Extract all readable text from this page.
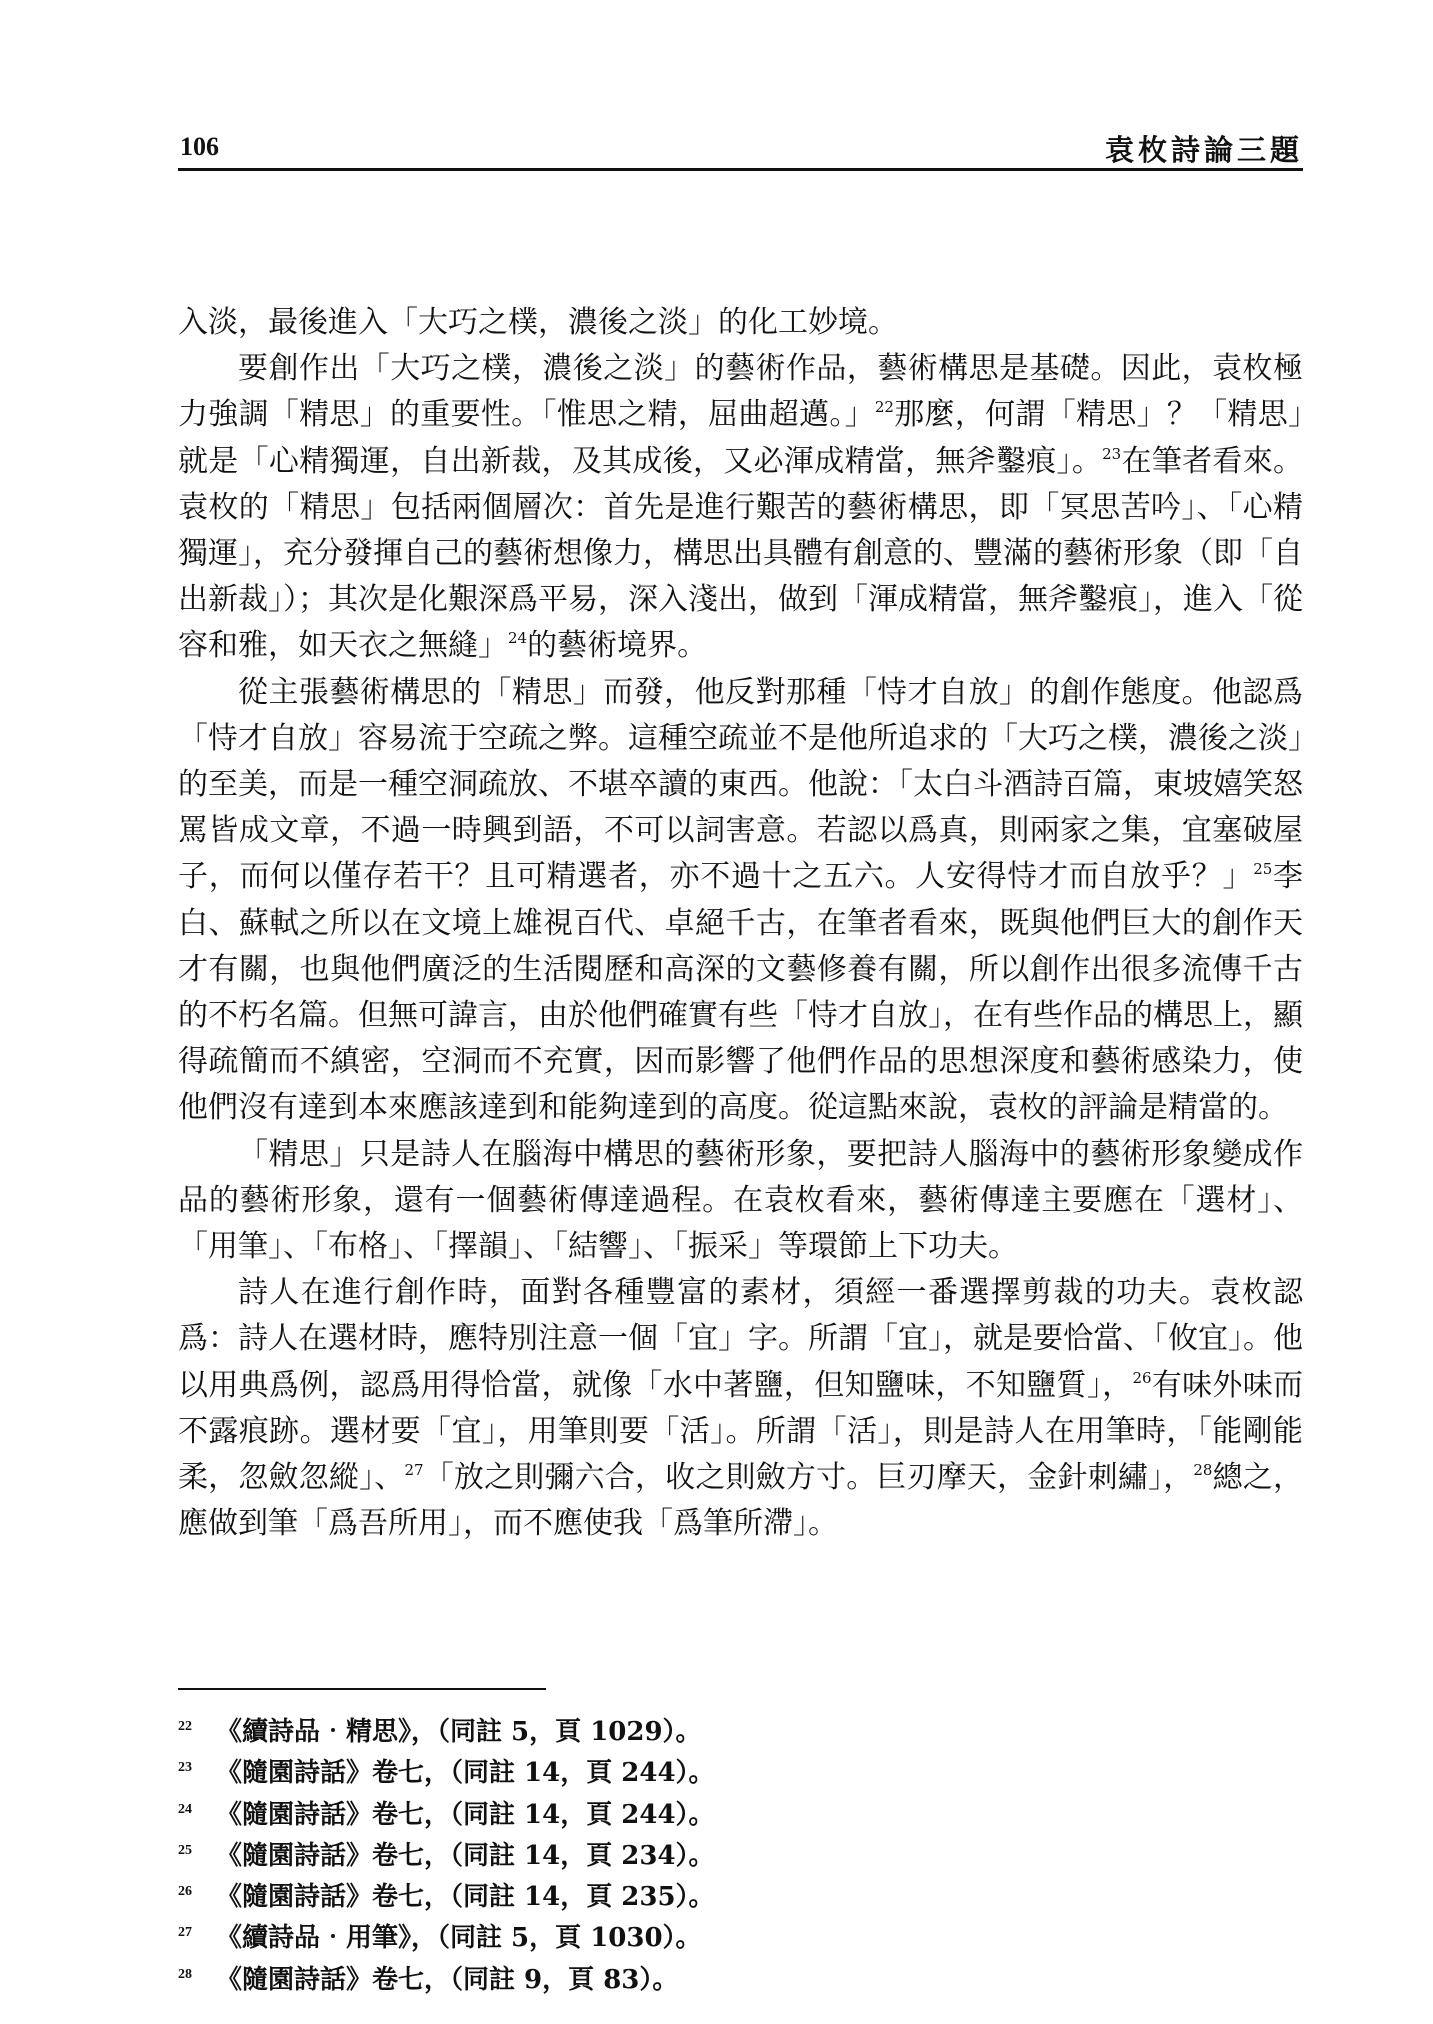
106	袁枚詩論三題

入淡，最後進入「大巧之樸，濃後之淡」的化工妙境。

要創作出「大巧之樸，濃後之淡」的藝術作品，藝術構思是基礎。因此，袁枚極力強調「精思」的重要性。「惟思之精，屈曲超邁。」$^{22}$那麼，何謂「精思」？「精思」就是「心精獨運，自出新裁，及其成後，又必渾成精當，無斧鑿痕」。$^{23}$在筆者看來。袁枚的「精思」包括兩個層次：首先是進行艱苦的藝術構思，即「冥思苦吟」、「心精獨運」，充分發揮自己的藝術想像力，構思出具體有創意的、豐滿的藝術形象（即「自出新裁」）；其次是化艱深爲平易，深入淺出，做到「渾成精當，無斧鑿痕」，進入「從容和雅，如天衣之無縫」$^{24}$的藝術境界。

從主張藝術構思的「精思」而發，他反對那種「恃才自放」的創作態度。他認爲「恃才自放」容易流于空疏之弊。這種空疏並不是他所追求的「大巧之樸，濃後之淡」的至美，而是一種空洞疏放、不堪卒讀的東西。他說：「太白斗酒詩百篇，東坡嬉笑怒罵皆成文章，不過一時興到語，不可以詞害意。若認以爲真，則兩家之集，宜塞破屋子，而何以僅存若干？且可精選者，亦不過十之五六。人安得恃才而自放乎？」$^{25}$李白、蘇軾之所以在文境上雄視百代、卓絕千古，在筆者看來，既與他們巨大的創作天才有關，也與他們廣泛的生活閱歷和高深的文藝修養有關，所以創作出很多流傳千古的不朽名篇。但無可諱言，由於他們確實有些「恃才自放」，在有些作品的構思上，顯得疏簡而不縝密，空洞而不充實，因而影響了他們作品的思想深度和藝術感染力，使他們沒有達到本來應該達到和能夠達到的高度。從這點來說，袁枚的評論是精當的。

「精思」只是詩人在腦海中構思的藝術形象，要把詩人腦海中的藝術形象變成作品的藝術形象，還有一個藝術傳達過程。在袁枚看來，藝術傳達主要應在「選材」、「用筆」、「布格」、「擇韻」、「結響」、「振采」等環節上下功夫。

詩人在進行創作時，面對各種豐富的素材，須經一番選擇剪裁的功夫。袁枚認爲：詩人在選材時，應特別注意一個「宜」字。所謂「宜」，就是要恰當、「攸宜」。他以用典爲例，認爲用得恰當，就像「水中著鹽，但知鹽味，不知鹽質」，$^{26}$有味外味而不露痕跡。選材要「宜」，用筆則要「活」。所謂「活」，則是詩人在用筆時，「能剛能柔，忽斂忽縱」、$^{27}$「放之則彌六合，收之則斂方寸。巨刃摩天，金針刺繡」，$^{28}$總之，應做到筆「爲吾所用」，而不應使我「爲筆所滯」。

22 《續詩品‧精思》，（同註 5，頁 1029）。
23 《隨園詩話》卷七，（同註 14，頁 244）。
24 《隨園詩話》卷七，（同註 14，頁 244）。
25 《隨園詩話》卷七，（同註 14，頁 234）。
26 《隨園詩話》卷七，（同註 14，頁 235）。
27 《續詩品‧用筆》，（同註 5，頁 1030）。
28 《隨園詩話》卷七，（同註 9，頁 83）。
